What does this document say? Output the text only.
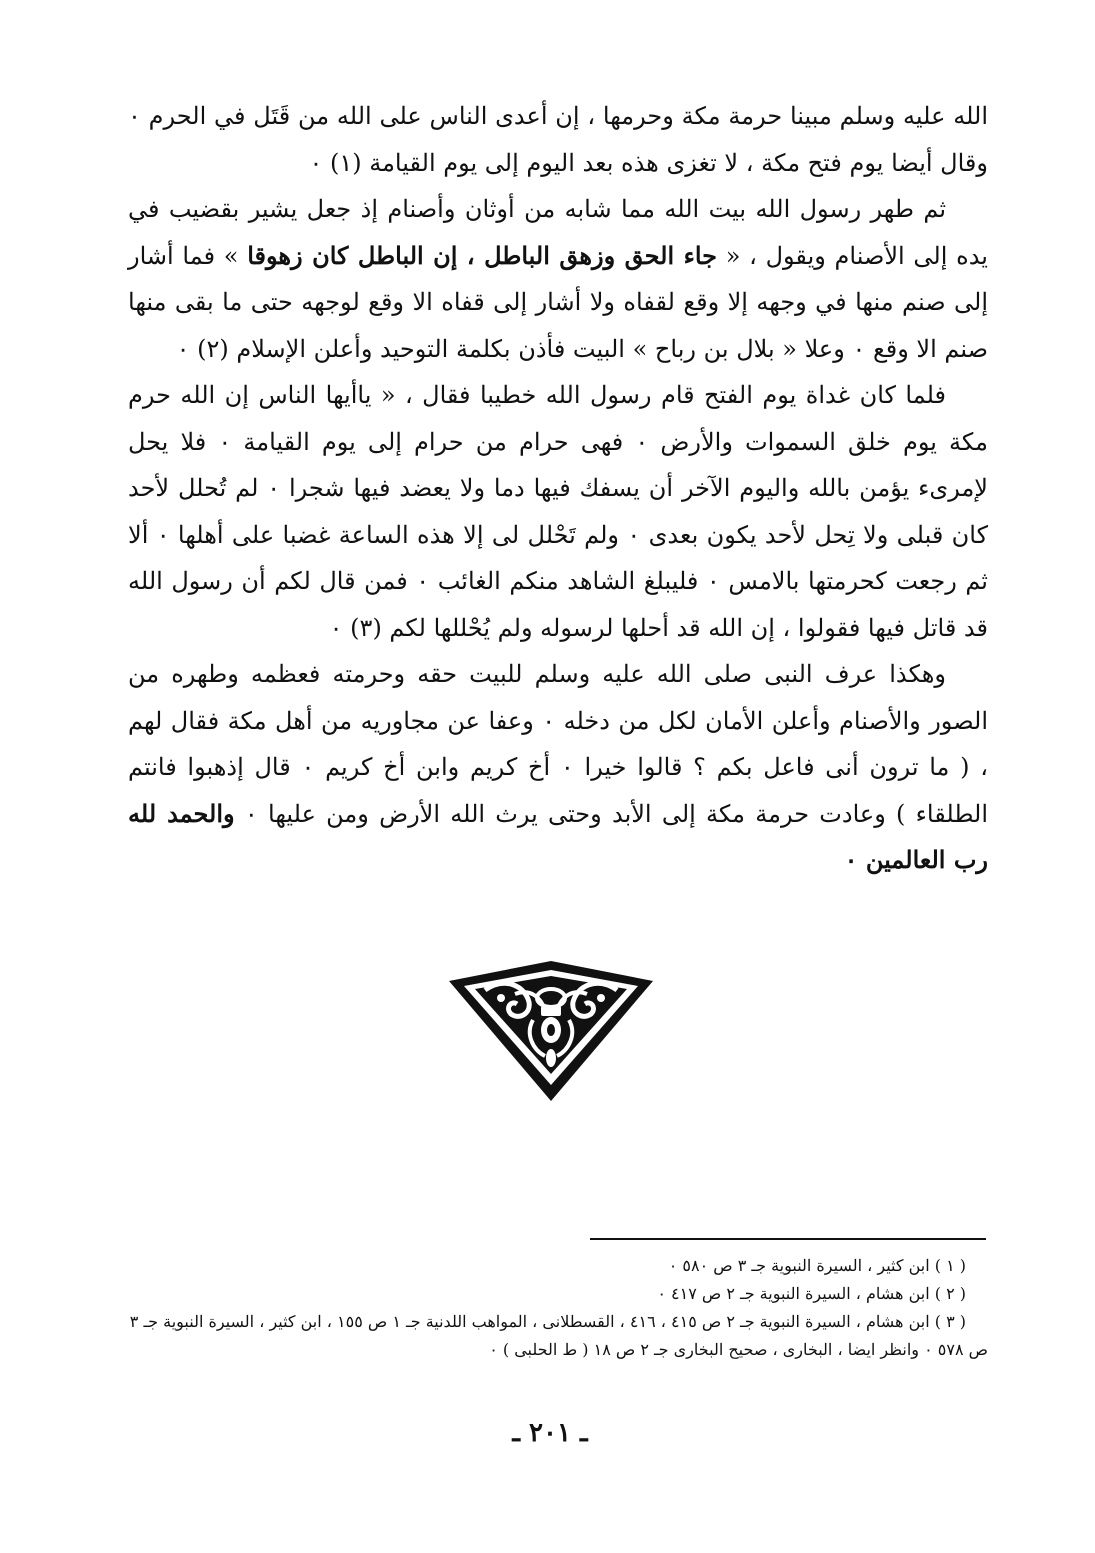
الله عليه وسلم مبينا حرمة مكة وحرمها ، إن أعدى الناس على الله من قَتَل في الحرم ٠ وقال أيضا يوم فتح مكة ، لا تغزى هذه بعد اليوم إلى يوم القيامة (١) ٠

ثم طهر رسول الله بيت الله مما شابه من أوثان وأصنام إذ جعل يشير بقضيب في يده إلى الأصنام ويقول ، « جاء الحق وزهق الباطل ، إن الباطل كان زهوقا » فما أشار إلى صنم منها في وجهه إلا وقع لقفاه ولا أشار إلى قفاه الا وقع لوجهه حتى ما بقى منها صنم الا وقع ٠ وعلا « بلال بن رباح » البيت فأذن بكلمة التوحيد وأعلن الإسلام (٢) ٠

فلما كان غداة يوم الفتح قام رسول الله خطيبا فقال ، « ياأيها الناس إن الله حرم مكة يوم خلق السموات والأرض ٠ فهى حرام من حرام إلى يوم القيامة ٠ فلا يحل لإمرىء يؤمن بالله واليوم الآخر أن يسفك فيها دما ولا يعضد فيها شجرا ٠ لم تُحلل لأحد كان قبلى ولا تِحل لأحد يكون بعدى ٠ ولم تَحْلل لى إلا هذه الساعة غضبا على أهلها ٠ ألا ثم رجعت كحرمتها بالامس ٠ فليبلغ الشاهد منكم الغائب ٠ فمن قال لكم أن رسول الله قد قاتل فيها فقولوا ، إن الله قد أحلها لرسوله ولم يُحْللها لكم (٣) ٠

وهكذا عرف النبى صلى الله عليه وسلم للبيت حقه وحرمته فعظمه وطهره من الصور والأصنام وأعلن الأمان لكل من دخله ٠ وعفا عن مجاوريه من أهل مكة فقال لهم ، ( ما ترون أنى فاعل بكم ؟ قالوا خيرا ٠ أخ كريم وابن أخ كريم ٠ قال إذهبوا فانتم الطلقاء ) وعادت حرمة مكة إلى الأبد وحتى يرث الله الأرض ومن عليها ٠ والحمد لله رب العالمين ٠

( ١ ) ابن كثير ، السيرة النبوية جـ ٣ ص ٥٨٠ ٠

( ٢ ) ابن هشام ، السيرة النبوية جـ ٢ ص ٤١٧ ٠

( ٣ ) ابن هشام ، السيرة النبوية جـ ٢ ص ٤١٥ ، ٤١٦ ، القسطلانى ، المواهب اللدنية جـ ١ ص ١٥٥ ، ابن كثير ، السيرة النبوية جـ ٣

ص ٥٧٨ ٠ وانظر ايضا ، البخارى ، صحيح البخارى جـ ٢ ص ١٨ ( ط الحلبى ) ٠

ـ ٢٠١ ـ
